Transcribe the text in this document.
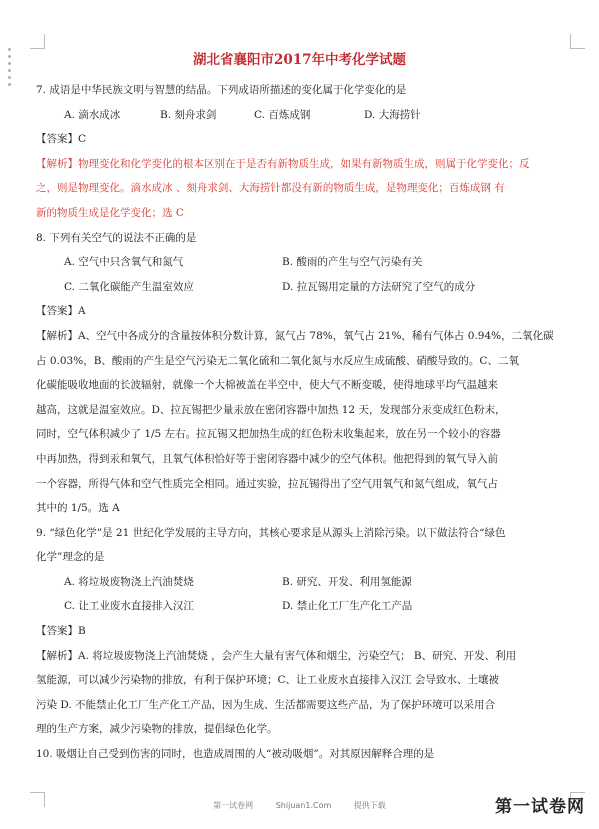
湖北省襄阳市2017年中考化学试题
7. 成语是中华民族文明与智慧的结晶。下列成语所描述的变化属于化学变化的是
A. 滴水成冰	B. 刻舟求剑	C. 百炼成钢	D. 大海捞针
【答案】C
【解析】物理变化和化学变化的根本区别在于是否有新物质生成，如果有新物质生成，则属于化学变化；反
之，则是物理变化。滴水成冰 、刻舟求剑、大海捞针都没有新的物质生成，是物理变化；百炼成钢 有
新的物质生成是化学变化；选 C
8. 下列有关空气的说法不正确的是
A. 空气中只含氧气和氮气	B. 酸雨的产生与空气污染有关
C. 二氧化碳能产生温室效应	D. 拉瓦锡用定量的方法研究了空气的成分
【答案】A
【解析】A、空气中各成分的含量按体积分数计算，氮气占 78%，氧气占 21%，稀有气体占 0.94%，二氧化碳
占 0.03%，B、酸雨的产生是空气污染无二氧化硫和二氧化氮与水反应生成硫酸、硝酸导致的。C、二氧
化碳能吸收地面的长波辐射，就像一个大棉被盖在半空中，使大气不断变暖，使得地球平均气温越来
越高，这就是温室效应。D、拉瓦锡把少量汞放在密闭容器中加热 12 天，发现部分汞变成红色粉末，
同时，空气体积减少了 1/5 左右。拉瓦锡又把加热生成的红色粉末收集起来，放在另一个较小的容器
中再加热，得到汞和氧气，且氧气体积恰好等于密闭容器中减少的空气体积。他把得到的氧气导入前
一个容器，所得气体和空气性质完全相同。通过实验，拉瓦锡得出了空气用氧气和氮气组成，氧气占
其中的 1/5。选 A
9. “绿色化学”是 21 世纪化学发展的主导方向，其核心要求是从源头上消除污染。以下做法符合“绿色
化学”理念的是
A. 将垃圾废物浇上汽油焚烧	B. 研究、开发、利用氢能源
C. 让工业废水直接排入汉江	D. 禁止化工厂生产化工产品
【答案】B
【解析】A. 将垃圾废物浇上汽油焚烧 ，会产生大量有害气体和烟尘，污染空气； B、研究、开发、利用
氢能源，可以减少污染物的排放，有利于保护环境；C、让工业废水直接排入汉江 会导致水、土壤被
污染 D. 不能禁止化工厂生产化工产品，因为生成、生活都需要这些产品，为了保护环境可以采用合
理的生产方案，减少污染物的排放，提倡绿色化学。
10. 吸烟让自己受到伤害的同时，也造成周围的人“被动吸烟”。对其原因解释合理的是
第一试卷网	Shijuan1.Com	提供下载	第一试卷网
